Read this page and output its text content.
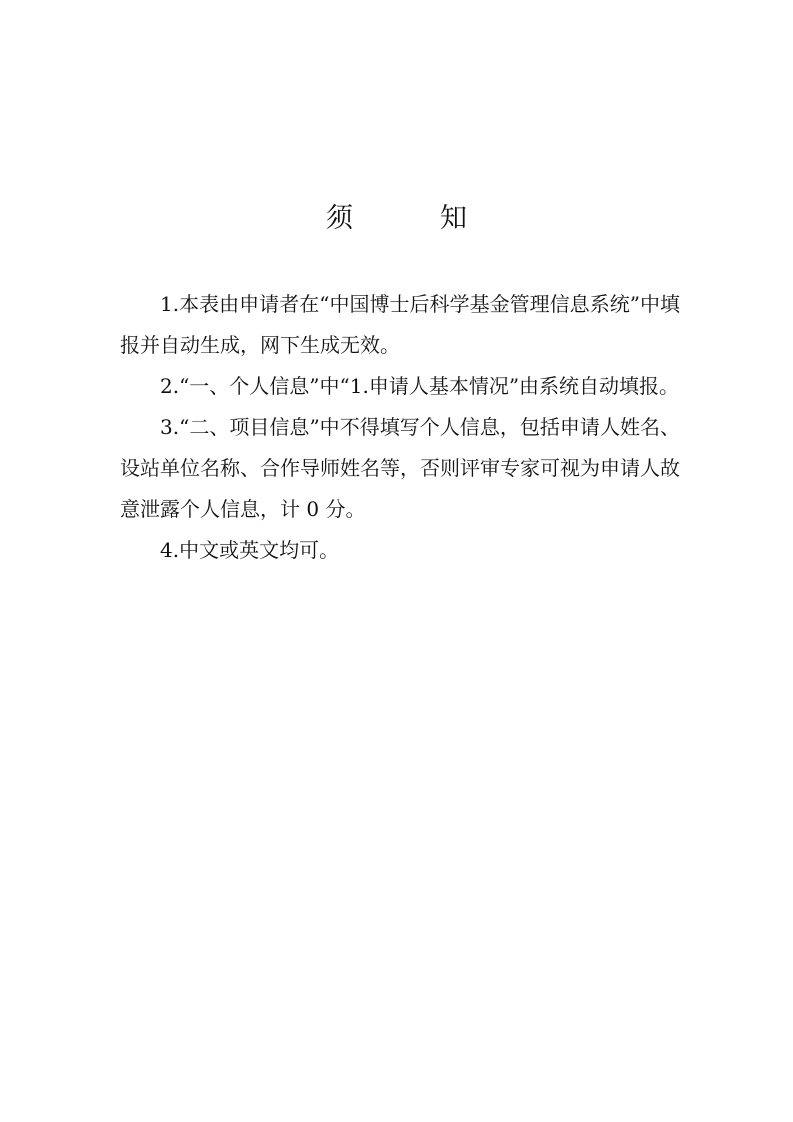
须　知

1.本表由申请者在“中国博士后科学基金管理信息系统”中填报并自动生成，网下生成无效。

2.“一、个人信息”中“1.申请人基本情况”由系统自动填报。

3.“二、项目信息”中不得填写个人信息，包括申请人姓名、设站单位名称、合作导师姓名等，否则评审专家可视为申请人故意泄露个人信息，计 0 分。

4.中文或英文均可。
